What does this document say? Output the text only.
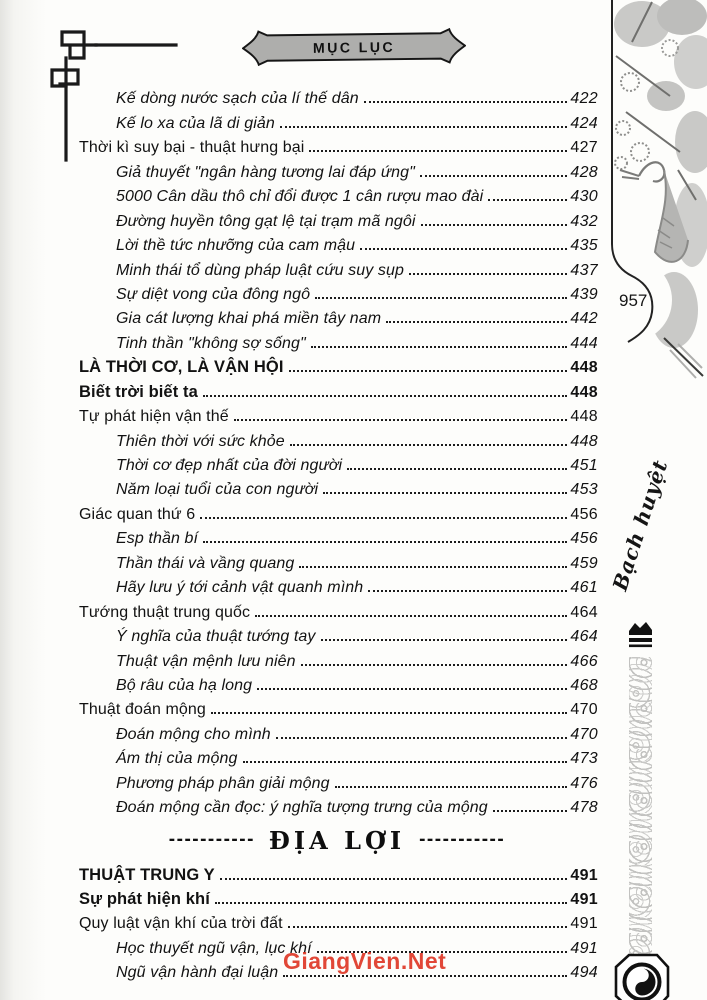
MỤC LỤC
Kế dòng nước sạch của lí thế dân	422
Kế lo xa của lã di giản	424
Thời kì suy bại - thuật hưng bại	427
Giả thuyết "ngân hàng tương lai đáp ứng"	428
5000 Cân dầu thô chỉ đổi được 1 cân rượu mao đài	430
Đường huyền tông gạt lệ tại trạm mã ngôi	432
Lời thề tức nhưỡng của cam mậu	435
Minh thái tổ dùng pháp luật cứu suy sụp	437
Sự diệt vong của đông ngô	439
Gia cát lượng khai phá miền tây nam	442
Tinh thần "không sợ sống"	444
LÀ THỜI CƠ, LÀ VẬN HỘI	448
Biết trời biết ta	448
Tự phát hiện vận thế	448
Thiên thời với sức khỏe	448
Thời cơ đẹp nhất của đời người	451
Năm loại tuổi của con người	453
Giác quan thứ 6	456
Esp thần bí	456
Thần thái và vầng quang	459
Hãy lưu ý tới cảnh vật quanh mình	461
Tướng thuật trung quốc	464
Ý nghĩa của thuật tướng tay	464
Thuật vận mệnh lưu niên	466
Bộ râu của hạ long	468
Thuật đoán mộng	470
Đoán mộng cho mình	470
Ám thị của mộng	473
Phương pháp phân giải mộng	476
Đoán mộng cần đọc: ý nghĩa tượng trưng của mộng	478
----------- ĐỊA LỢI -----------
THUẬT TRUNG Y	491
Sự phát hiện khí	491
Quy luật vận khí của trời đất	491
Học thuyết ngũ vận, lục khí	491
Ngũ vận hành đại luận	494
957
Bạch huyệt
GiangVien.Net
